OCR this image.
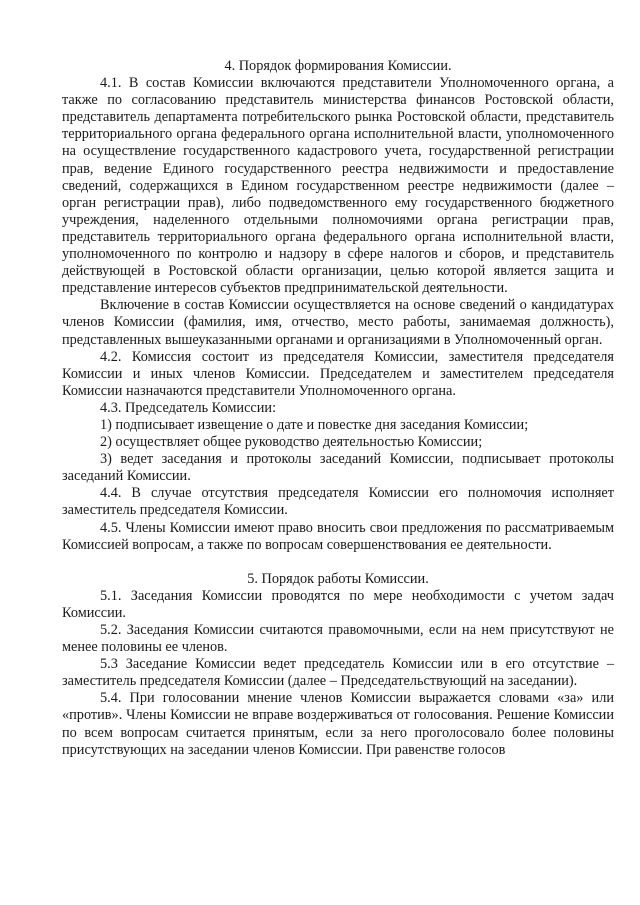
4. Порядок формирования Комиссии.

4.1. В состав Комиссии включаются представители Уполномоченного органа, а также по согласованию представитель министерства финансов Ростовской области, представитель департамента потребительского рынка Ростовской области, представитель территориального органа федерального органа исполнительной власти, уполномоченного на осуществление государственного кадастрового учета, государственной регистрации прав, ведение Единого государственного реестра недвижимости и предоставление сведений, содержащихся в Едином государственном реестре недвижимости (далее – орган регистрации прав), либо подведомственного ему государственного бюджетного учреждения, наделенного отдельными полномочиями органа регистрации прав, представитель территориального органа федерального органа исполнительной власти, уполномоченного по контролю и надзору в сфере налогов и сборов, и представитель действующей в Ростовской области организации, целью которой является защита и представление интересов субъектов предпринимательской деятельности.

Включение в состав Комиссии осуществляется на основе сведений о кандидатурах членов Комиссии (фамилия, имя, отчество, место работы, занимаемая должность), представленных вышеуказанными органами и организациями в Уполномоченный орган.

4.2. Комиссия состоит из председателя Комиссии, заместителя председателя Комиссии и иных членов Комиссии. Председателем и заместителем председателя Комиссии назначаются представители Уполномоченного органа.

4.3. Председатель Комиссии:

1) подписывает извещение о дате и повестке дня заседания Комиссии;

2) осуществляет общее руководство деятельностью Комиссии;

3) ведет заседания и протоколы заседаний Комиссии, подписывает протоколы заседаний Комиссии.

4.4. В случае отсутствия председателя Комиссии его полномочия исполняет заместитель председателя Комиссии.

4.5. Члены Комиссии имеют право вносить свои предложения по рассматриваемым Комиссией вопросам, а также по вопросам совершенствования ее деятельности.

5. Порядок работы Комиссии.

5.1. Заседания Комиссии проводятся по мере необходимости с учетом задач Комиссии.

5.2. Заседания Комиссии считаются правомочными, если на нем присутствуют не менее половины ее членов.

5.3 Заседание Комиссии ведет председатель Комиссии или в его отсутствие – заместитель председателя Комиссии (далее – Председательствующий на заседании).

5.4. При голосовании мнение членов Комиссии выражается словами «за» или «против». Члены Комиссии не вправе воздерживаться от голосования. Решение Комиссии по всем вопросам считается принятым, если за него проголосовало более половины присутствующих на заседании членов Комиссии. При равенстве голосов
